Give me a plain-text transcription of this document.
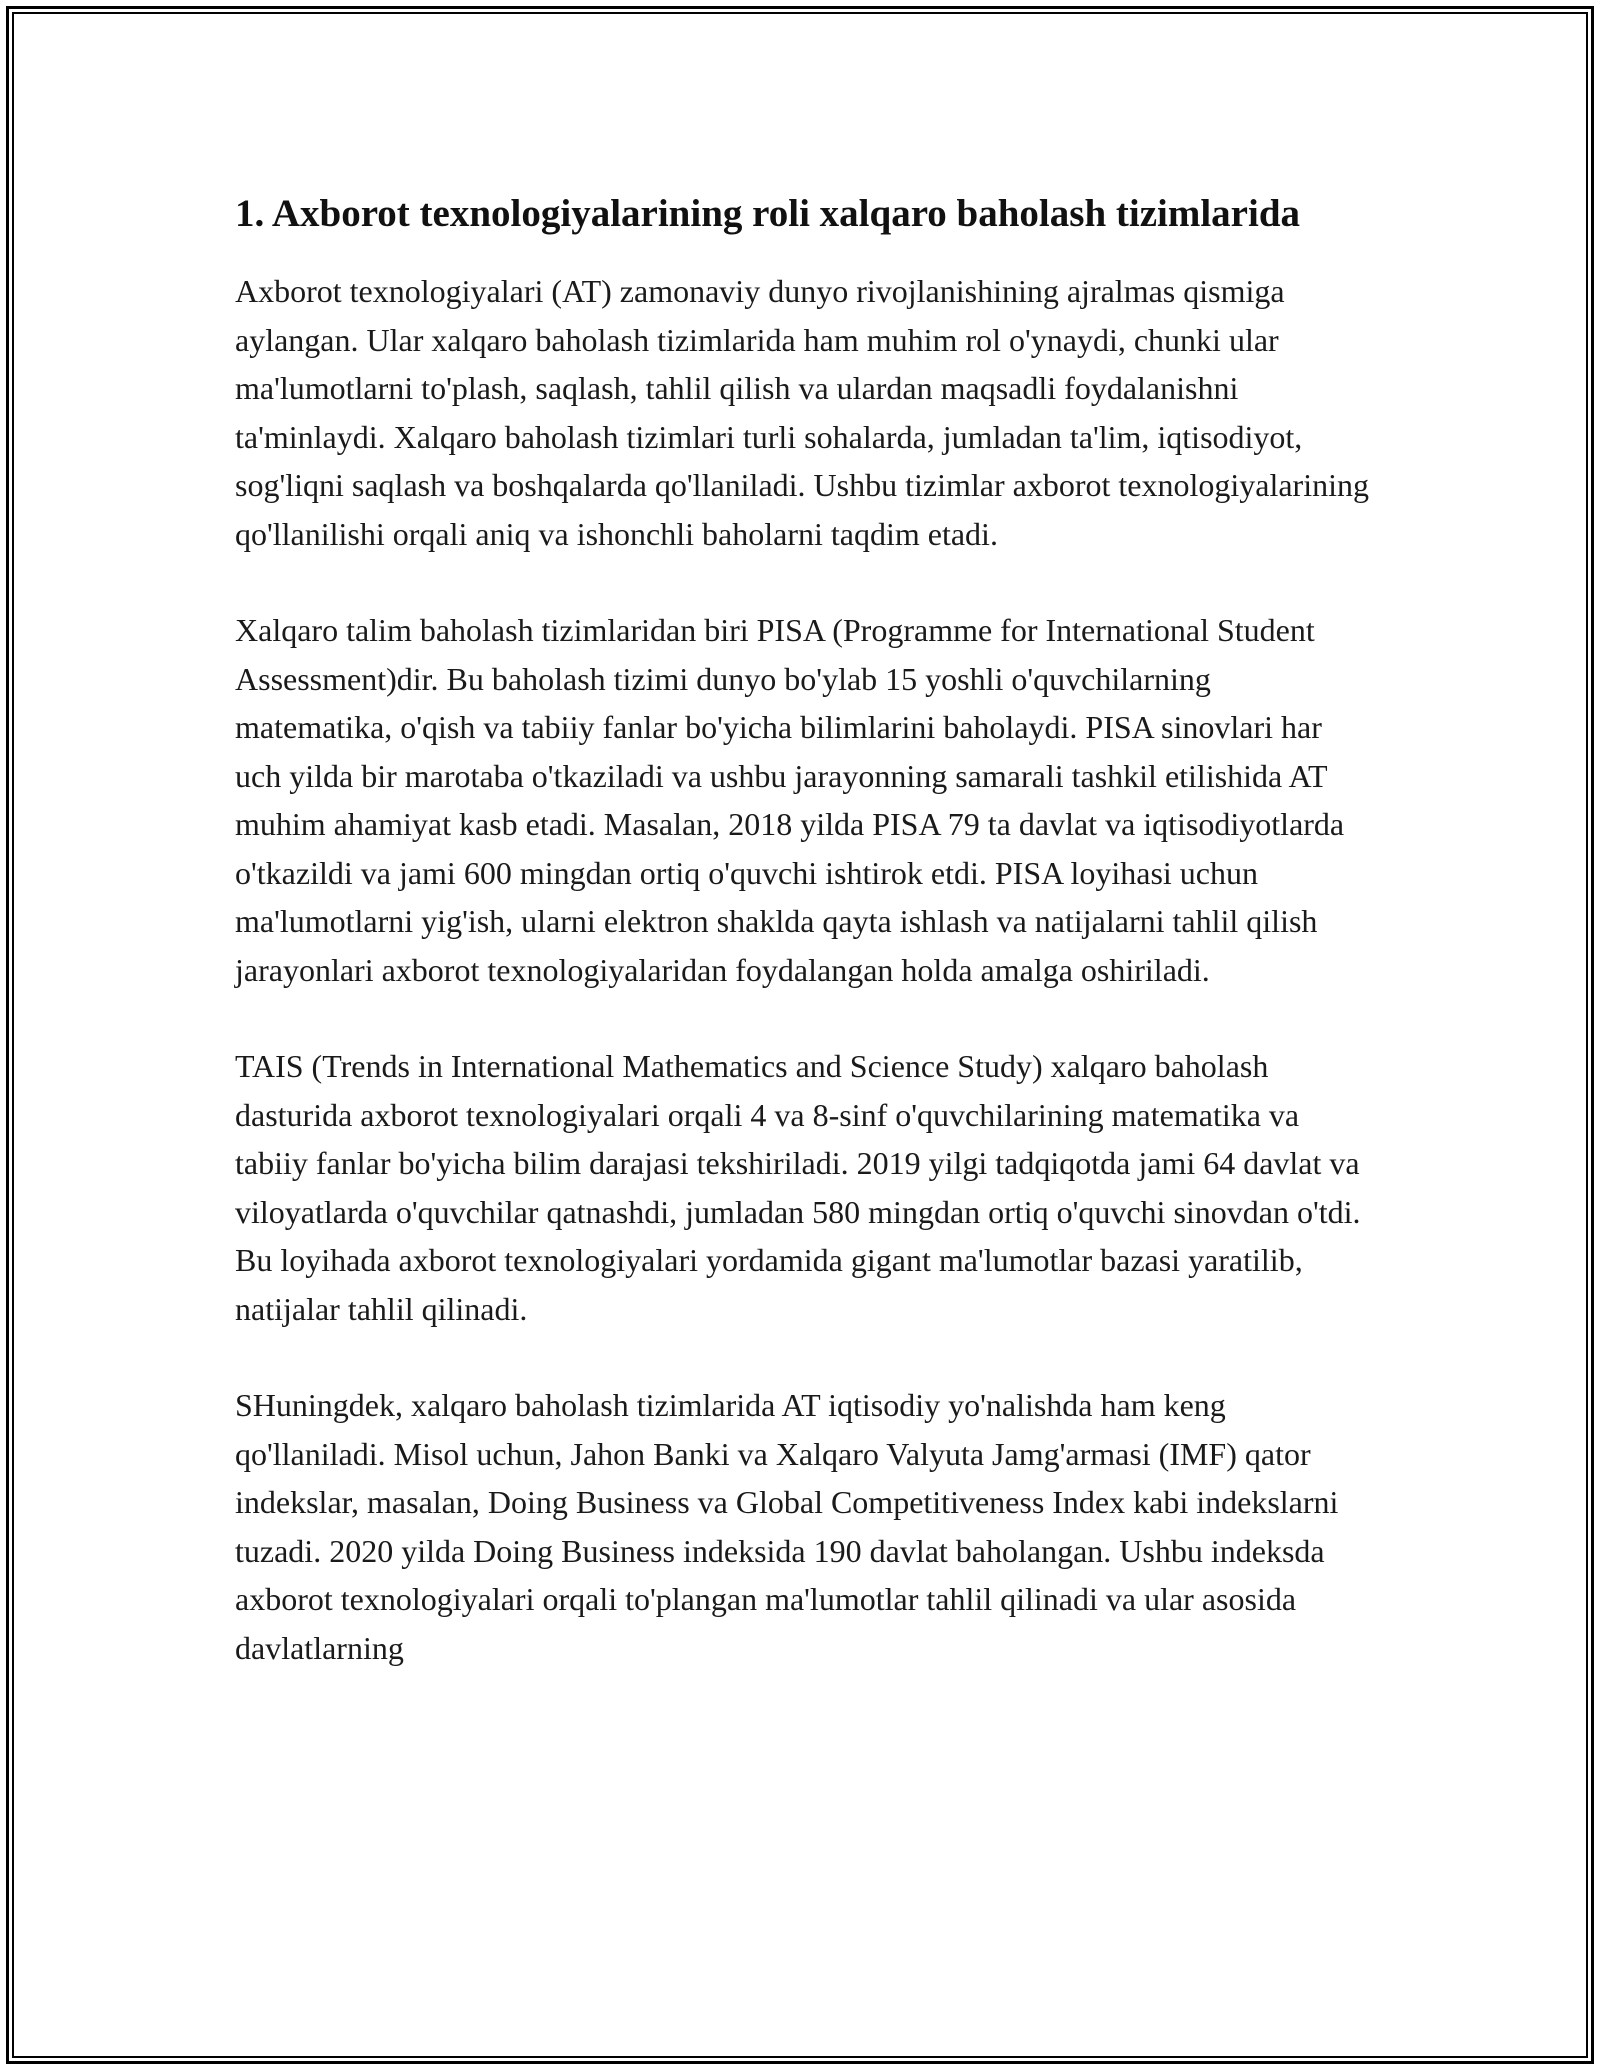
1. Axborot texnologiyalarining roli xalqaro baholash tizimlarida

Axborot texnologiyalari (AT) zamonaviy dunyo rivojlanishining ajralmas qismiga aylangan. Ular xalqaro baholash tizimlarida ham muhim rol o'ynaydi, chunki ular ma'lumotlarni to'plash, saqlash, tahlil qilish va ulardan maqsadli foydalanishni ta'minlaydi. Xalqaro baholash tizimlari turli sohalarda, jumladan ta'lim, iqtisodiyot, sog'liqni saqlash va boshqalarda qo'llaniladi. Ushbu tizimlar axborot texnologiyalarining qo'llanilishi orqali aniq va ishonchli baholarni taqdim etadi.

Xalqaro talim baholash tizimlaridan biri PISA (Programme for International Student Assessment)dir. Bu baholash tizimi dunyo bo'ylab 15 yoshli o'quvchilarning matematika, o'qish va tabiiy fanlar bo'yicha bilimlarini baholaydi. PISA sinovlari har uch yilda bir marotaba o'tkaziladi va ushbu jarayonning samarali tashkil etilishida AT muhim ahamiyat kasb etadi. Masalan, 2018 yilda PISA 79 ta davlat va iqtisodiyotlarda o'tkazildi va jami 600 mingdan ortiq o'quvchi ishtirok etdi. PISA loyihasi uchun ma'lumotlarni yig'ish, ularni elektron shaklda qayta ishlash va natijalarni tahlil qilish jarayonlari axborot texnologiyalaridan foydalangan holda amalga oshiriladi.

TAIS (Trends in International Mathematics and Science Study) xalqaro baholash dasturida axborot texnologiyalari orqali 4 va 8-sinf o'quvchilarining matematika va tabiiy fanlar bo'yicha bilim darajasi tekshiriladi. 2019 yilgi tadqiqotda jami 64 davlat va viloyatlarda o'quvchilar qatnashdi, jumladan 580 mingdan ortiq o'quvchi sinovdan o'tdi. Bu loyihada axborot texnologiyalari yordamida gigant ma'lumotlar bazasi yaratilib, natijalar tahlil qilinadi.

SHuningdek, xalqaro baholash tizimlarida AT iqtisodiy yo'nalishda ham keng qo'llaniladi. Misol uchun, Jahon Banki va Xalqaro Valyuta Jamg'armasi (IMF) qator indekslar, masalan, Doing Business va Global Competitiveness Index kabi indekslarni tuzadi. 2020 yilda Doing Business indeksida 190 davlat baholangan. Ushbu indeksda axborot texnologiyalari orqali to'plangan ma'lumotlar tahlil qilinadi va ular asosida davlatlarning
